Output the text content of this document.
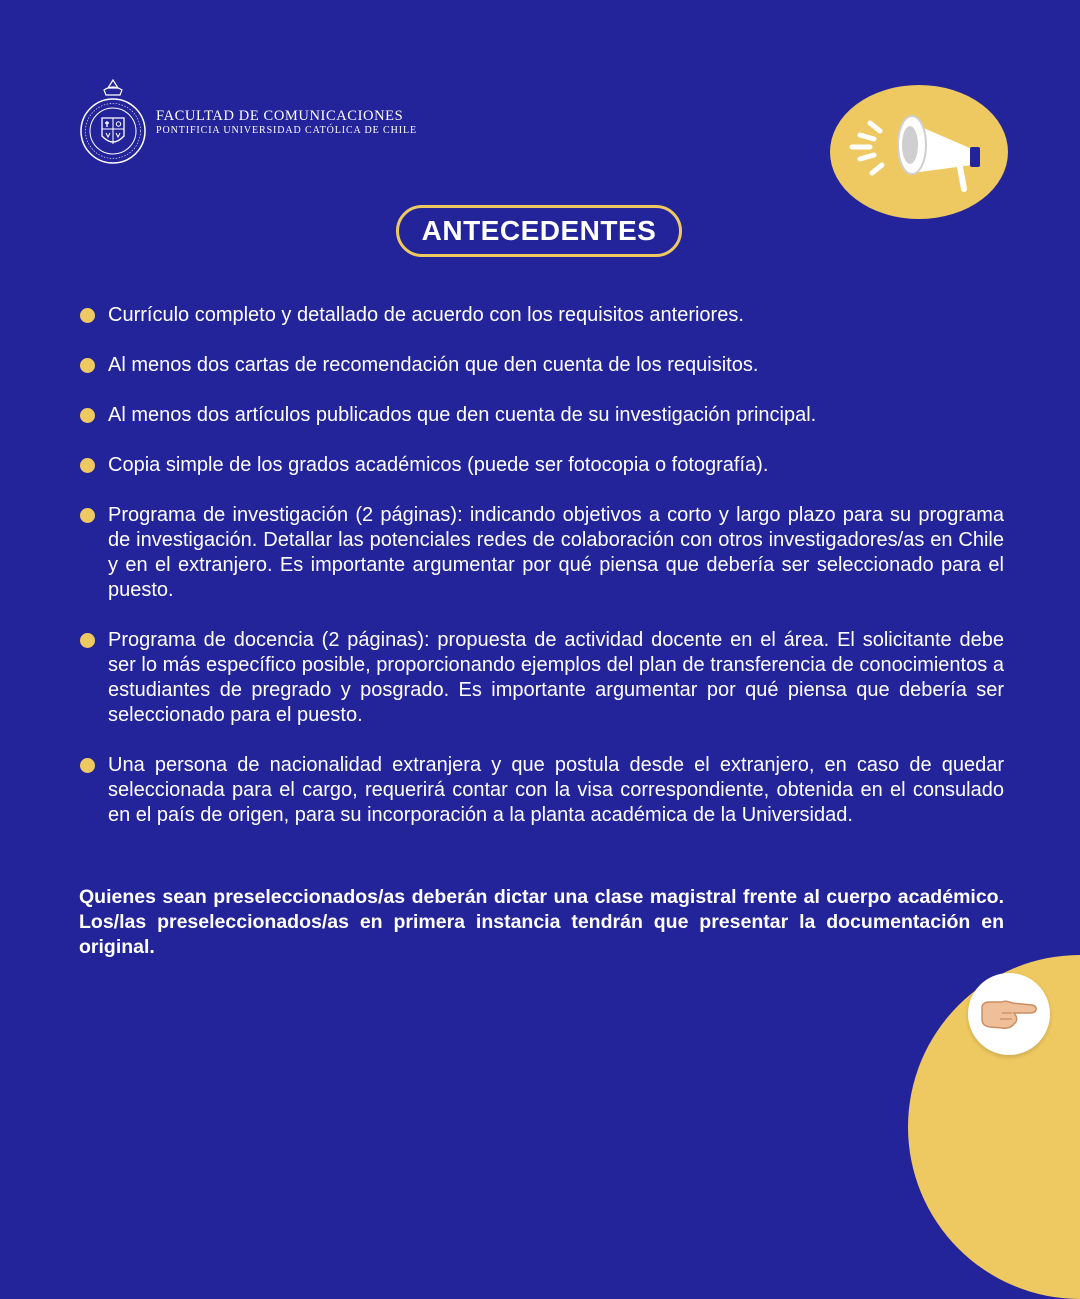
FACULTAD DE COMUNICACIONES
PONTIFICIA UNIVERSIDAD CATÓLICA DE CHILE
ANTECEDENTES
Currículo completo y detallado de acuerdo con los requisitos anteriores.
Al menos dos cartas de recomendación que den cuenta de los requisitos.
Al menos dos artículos publicados que den cuenta de su investigación principal.
Copia simple de los grados académicos (puede ser fotocopia o fotografía).
Programa de investigación (2 páginas): indicando objetivos a corto y largo plazo para su programa de investigación. Detallar las potenciales redes de colaboración con otros investigadores/as en Chile y en el extranjero. Es importante argumentar por qué piensa que debería ser seleccionado para el puesto.
Programa de docencia (2 páginas): propuesta de actividad docente en el área. El solicitante debe ser lo más específico posible, proporcionando ejemplos del plan de transferencia de conocimientos a estudiantes de pregrado y posgrado. Es importante argumentar por qué piensa que debería ser seleccionado para el puesto.
Una persona de nacionalidad extranjera y que postula desde el extranjero, en caso de quedar seleccionada para el cargo, requerirá contar con la visa correspondiente, obtenida en el consulado en el país de origen, para su incorporación a la planta académica de la Universidad.

Quienes sean preseleccionados/as deberán dictar una clase magistral frente al cuerpo académico. Los/las preseleccionados/as en primera instancia tendrán que presentar la documentación en original.
